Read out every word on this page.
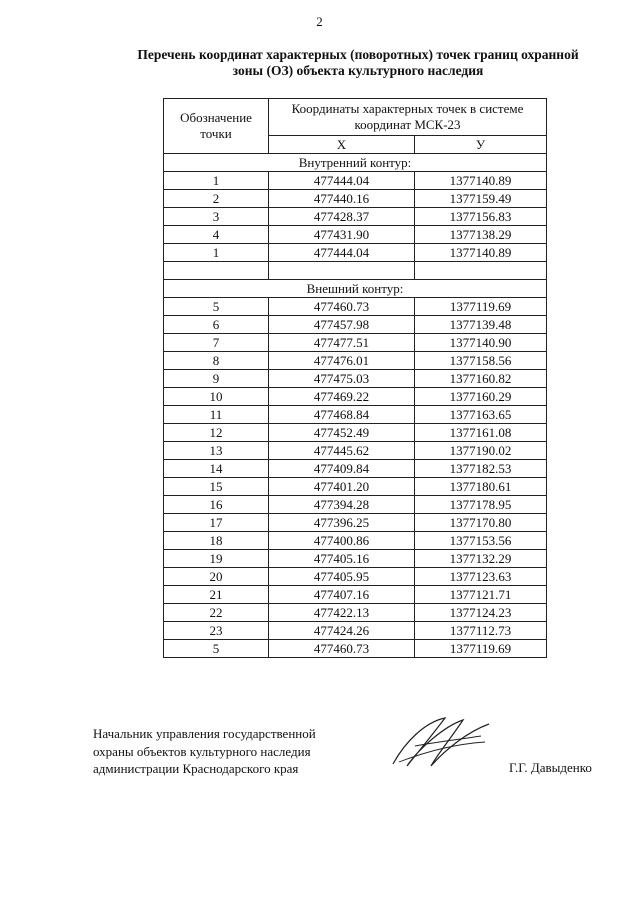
2
Перечень координат характерных (поворотных) точек границ охранной
зоны (ОЗ) объекта культурного наследия
Обозначение точки	Координаты характерных точек в системе координат МСК-23	
	Х	У
Внутренний контур:		
1	477444.04	1377140.89
2	477440.16	1377159.49
3	477428.37	1377156.83
4	477431.90	1377138.29
1	477444.04	1377140.89

Внешний контур:		
5	477460.73	1377119.69
6	477457.98	1377139.48
7	477477.51	1377140.90
8	477476.01	1377158.56
9	477475.03	1377160.82
10	477469.22	1377160.29
11	477468.84	1377163.65
12	477452.49	1377161.08
13	477445.62	1377190.02
14	477409.84	1377182.53
15	477401.20	1377180.61
16	477394.28	1377178.95
17	477396.25	1377170.80
18	477400.86	1377153.56
19	477405.16	1377132.29
20	477405.95	1377123.63
21	477407.16	1377121.71
22	477422.13	1377124.23
23	477424.26	1377112.73
5	477460.73	1377119.69
Начальник управления государственной
охраны объектов культурного наследия
администрации Краснодарского края	Г.Г. Давыденко
